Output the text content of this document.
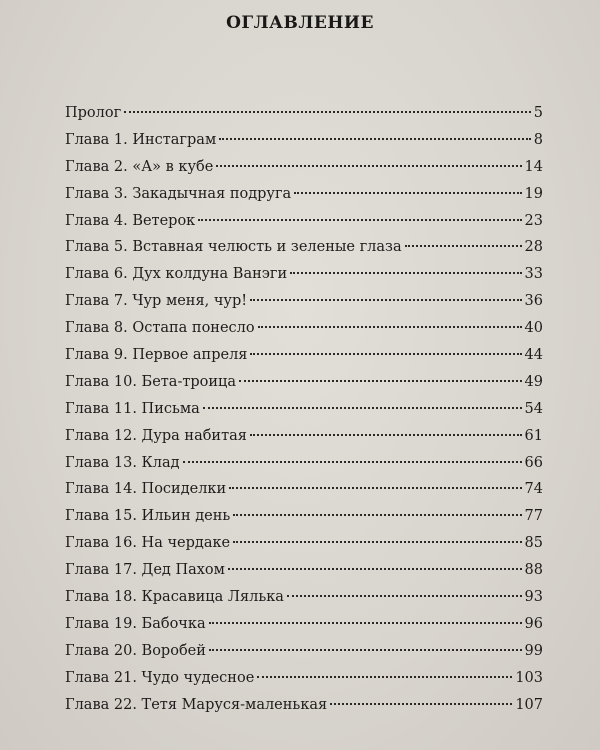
ОГЛАВЛЕНИЕ
Пролог	5
Глава 1. Инстаграм	8
Глава 2. «А» в кубе	14
Глава 3. Закадычная подруга	19
Глава 4. Ветерок	23
Глава 5. Вставная челюсть и зеленые глаза	28
Глава 6. Дух колдуна Ванэги	33
Глава 7. Чур меня, чур!	36
Глава 8. Остапа понесло	40
Глава 9. Первое апреля	44
Глава 10. Бета-троица	49
Глава 11. Письма	54
Глава 12. Дура набитая	61
Глава 13. Клад	66
Глава 14. Посиделки	74
Глава 15. Ильин день	77
Глава 16. На чердаке	85
Глава 17. Дед Пахом	88
Глава 18. Красавица Лялька	93
Глава 19. Бабочка	96
Глава 20. Воробей	99
Глава 21. Чудо чудесное	103
Глава 22. Тетя Маруся-маленькая	107
